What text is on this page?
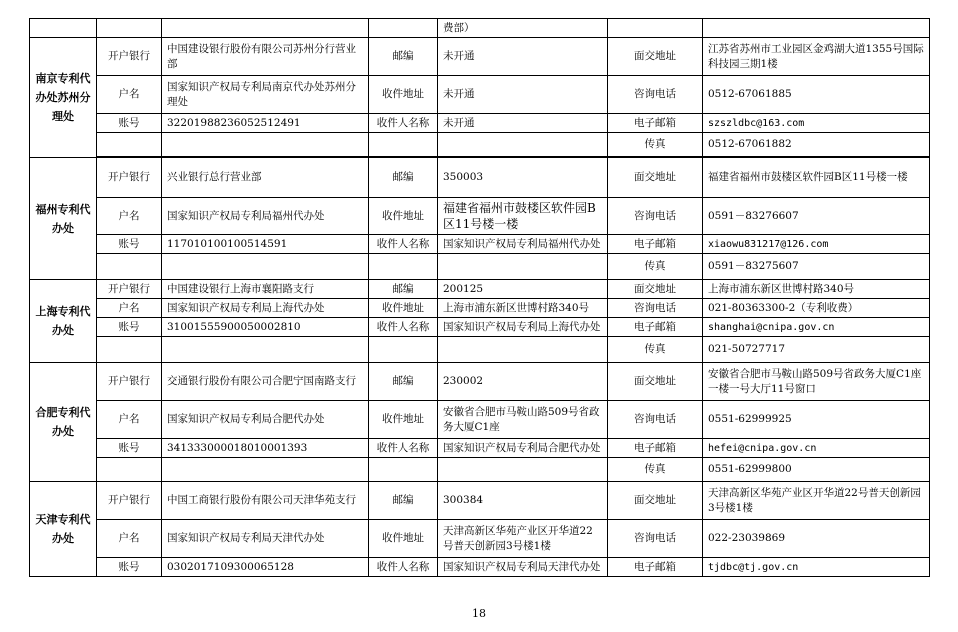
				费部）		
南京专利代办处苏州分理处	开户银行	中国建设银行股份有限公司苏州分行营业部	邮编	未开通	面交地址	江苏省苏州市工业园区金鸡湖大道1355号国际科技园三期1楼
	户名	国家知识产权局专利局南京代办处苏州分理处	收件地址	未开通	咨询电话	0512-67061885
	账号	32201988236052512491	收件人名称	未开通	电子邮箱	szszldbc@163.com
					传真	0512-67061882

福州专利代办处	开户银行	兴业银行总行营业部	邮编	350003	面交地址	福建省福州市鼓楼区软件园B区11号楼一楼
	户名	国家知识产权局专利局福州代办处	收件地址	福建省福州市鼓楼区软件园B区11号楼一楼	咨询电话	0591－83276607
	账号	117010100100514591	收件人名称	国家知识产权局专利局福州代办处	电子邮箱	xiaowu831217@126.com
					传真	0591－83275607
上海专利代办处	开户银行	中国建设银行上海市襄阳路支行	邮编	200125	面交地址	上海市浦东新区世博村路340号
	户名	国家知识产权局专利局上海代办处	收件地址	上海市浦东新区世博村路340号	咨询电话	021-80363300-2（专利收费）
	账号	31001555900050002810	收件人名称	国家知识产权局专利局上海代办处	电子邮箱	shanghai@cnipa.gov.cn
					传真	021-50727717
合肥专利代办处	开户银行	交通银行股份有限公司合肥宁国南路支行	邮编	230002	面交地址	安徽省合肥市马鞍山路509号省政务大厦C1座一楼一号大厅11号窗口
	户名	国家知识产权局专利局合肥代办处	收件地址	安徽省合肥市马鞍山路509号省政务大厦C1座	咨询电话	0551-62999925
	账号	341333000018010001393	收件人名称	国家知识产权局专利局合肥代办处	电子邮箱	hefei@cnipa.gov.cn
					传真	0551-62999800
天津专利代办处	开户银行	中国工商银行股份有限公司天津华苑支行	邮编	300384	面交地址	天津高新区华苑产业区开华道22号普天创新园3号楼1楼
	户名	国家知识产权局专利局天津代办处	收件地址	天津高新区华苑产业区开华道22号普天创新园3号楼1楼	咨询电话	022-23039869
	账号	0302017109300065128	收件人名称	国家知识产权局专利局天津代办处	电子邮箱	tjdbc@tj.gov.cn
18
